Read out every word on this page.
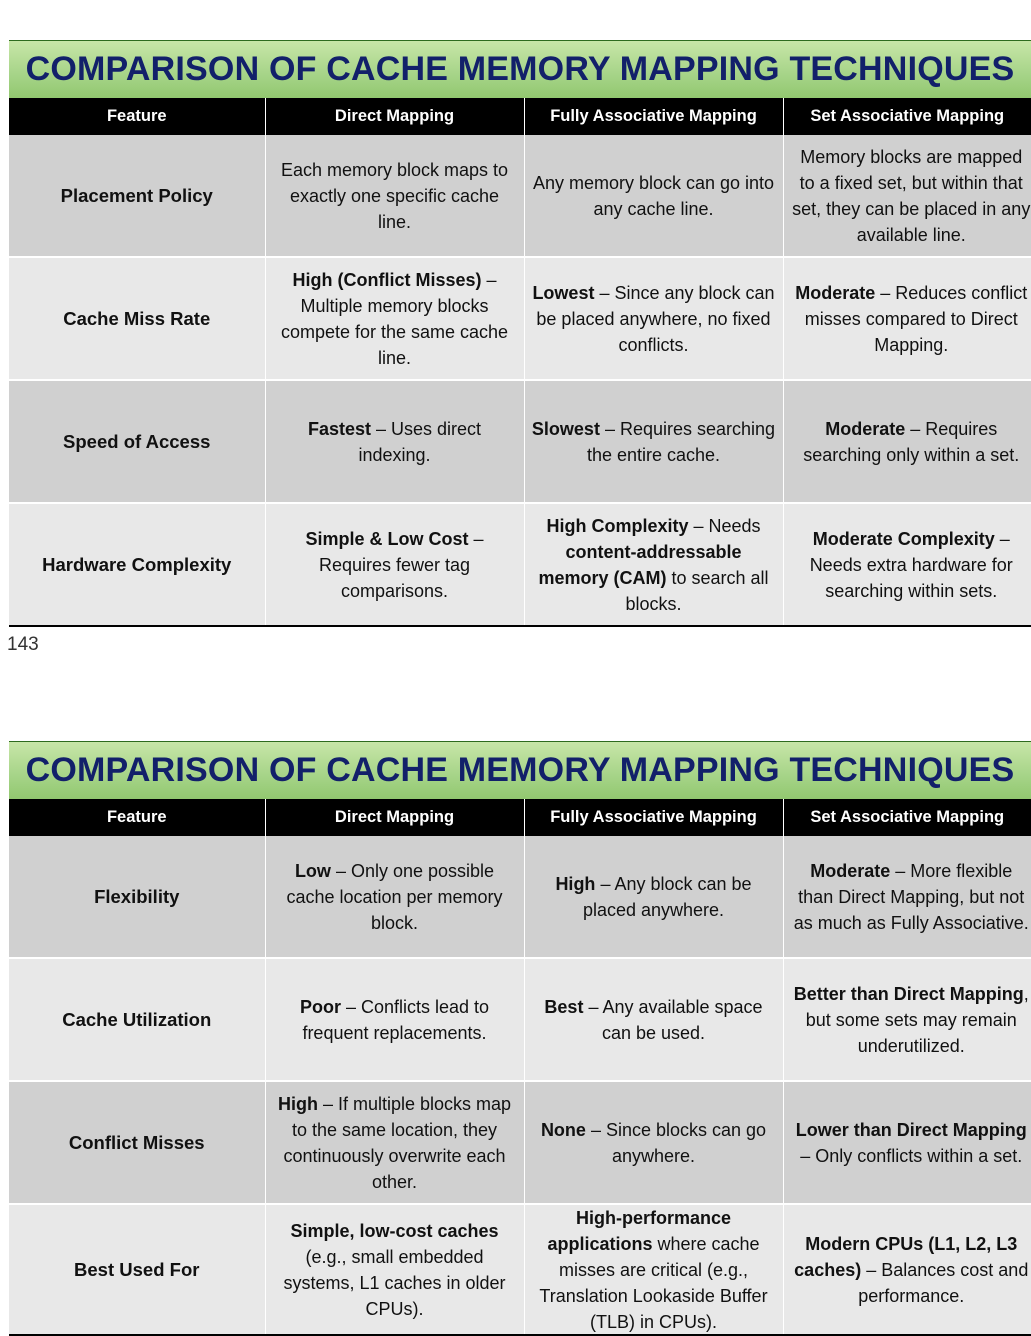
COMPARISON OF CACHE MEMORY MAPPING TECHNIQUES
Feature	Direct Mapping	Fully Associative Mapping	Set Associative Mapping
Placement Policy	Each memory block maps to exactly one specific cache line.	Any memory block can go into any cache line.	Memory blocks are mapped to a fixed set, but within that set, they can be placed in any available line.
Cache Miss Rate	High (Conflict Misses) – Multiple memory blocks compete for the same cache line.	Lowest – Since any block can be placed anywhere, no fixed conflicts.	Moderate – Reduces conflict misses compared to Direct Mapping.
Speed of Access	Fastest – Uses direct indexing.	Slowest – Requires searching the entire cache.	Moderate – Requires searching only within a set.
Hardware Complexity	Simple & Low Cost – Requires fewer tag comparisons.	High Complexity – Needs content-addressable memory (CAM) to search all blocks.	Moderate Complexity – Needs extra hardware for searching within sets.
143
COMPARISON OF CACHE MEMORY MAPPING TECHNIQUES
Feature	Direct Mapping	Fully Associative Mapping	Set Associative Mapping
Flexibility	Low – Only one possible cache location per memory block.	High – Any block can be placed anywhere.	Moderate – More flexible than Direct Mapping, but not as much as Fully Associative.
Cache Utilization	Poor – Conflicts lead to frequent replacements.	Best – Any available space can be used.	Better than Direct Mapping, but some sets may remain underutilized.
Conflict Misses	High – If multiple blocks map to the same location, they continuously overwrite each other.	None – Since blocks can go anywhere.	Lower than Direct Mapping – Only conflicts within a set.
Best Used For	Simple, low-cost caches (e.g., small embedded systems, L1 caches in older CPUs).	High-performance applications where cache misses are critical (e.g., Translation Lookaside Buffer (TLB) in CPUs).	Modern CPUs (L1, L2, L3 caches) – Balances cost and performance.
